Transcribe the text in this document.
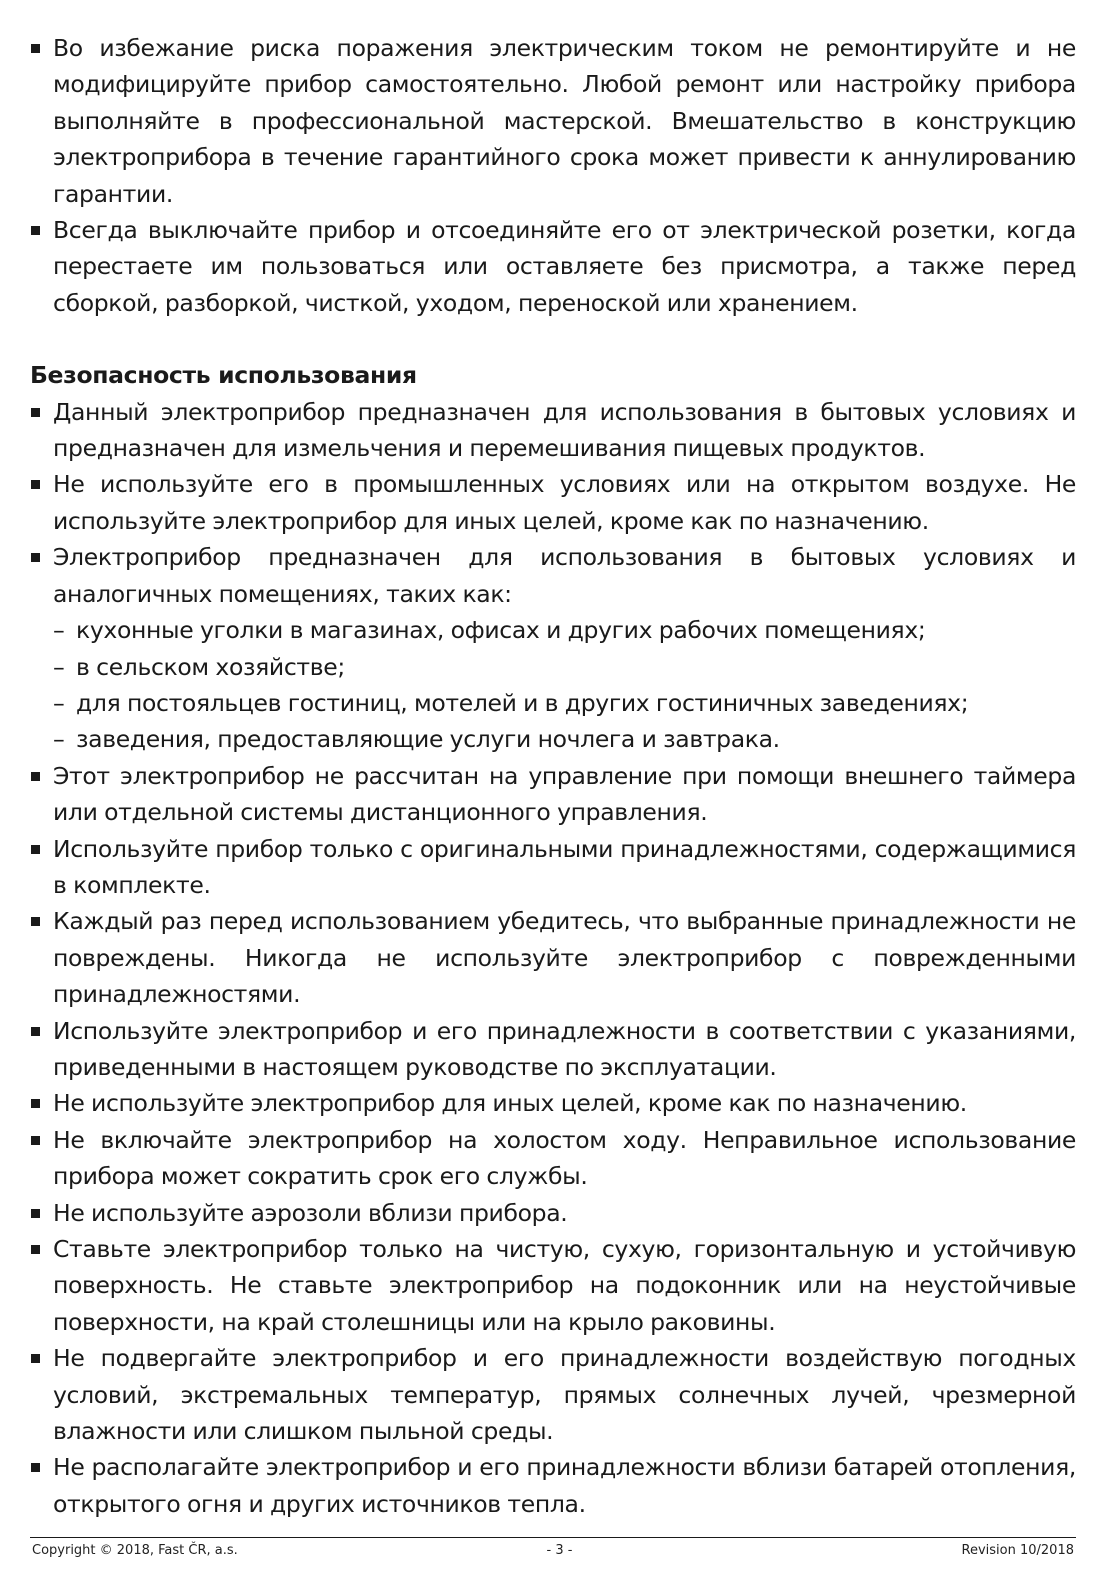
Во избежание риска поражения электрическим током не ремонтируйте и не модифицируйте прибор самостоятельно. Любой ремонт или настройку прибора выполняйте в профессиональной мастерской. Вмешательство в конструкцию электроприбора в течение гарантийного срока может привести к аннулированию гарантии.
Всегда выключайте прибор и отсоединяйте его от электрической розетки, когда перестаете им пользоваться или оставляете без присмотра, а также перед сборкой, разборкой, чисткой, уходом, переноской или хранением.
Безопасность использования
Данный электроприбор предназначен для использования в бытовых условиях и предназначен для измельчения и перемешивания пищевых продуктов.
Не используйте его в промышленных условиях или на открытом воздухе. Не используйте электроприбор для иных целей, кроме как по назначению.
Электроприбор предназначен для использования в бытовых условиях и аналогичных помещениях, таких как:
– кухонные уголки в магазинах, офисах и других рабочих помещениях;
– в сельском хозяйстве;
– для постояльцев гостиниц, мотелей и в других гостиничных заведениях;
– заведения, предоставляющие услуги ночлега и завтрака.
Этот электроприбор не рассчитан на управление при помощи внешнего таймера или отдельной системы дистанционного управления.
Используйте прибор только с оригинальными принадлежностями, содержащимися в комплекте.
Каждый раз перед использованием убедитесь, что выбранные принадлежности не повреждены. Никогда не используйте электроприбор с поврежденными принадлежностями.
Используйте электроприбор и его принадлежности в соответствии с указаниями, приведенными в настоящем руководстве по эксплуатации.
Не используйте электроприбор для иных целей, кроме как по назначению.
Не включайте электроприбор на холостом ходу. Неправильное использование прибора может сократить срок его службы.
Не используйте аэрозоли вблизи прибора.
Ставьте электроприбор только на чистую, сухую, горизонтальную и устойчивую поверхность. Не ставьте электроприбор на подоконник или на неустойчивые поверхности, на край столешницы или на крыло раковины.
Не подвергайте электроприбор и его принадлежности воздействую погодных условий, экстремальных температур, прямых солнечных лучей, чрезмерной влажности или слишком пыльной среды.
Не располагайте электроприбор и его принадлежности вблизи батарей отопления, открытого огня и других источников тепла.
Copyright © 2018, Fast ČR, a.s.	- 3 -	Revision 10/2018
